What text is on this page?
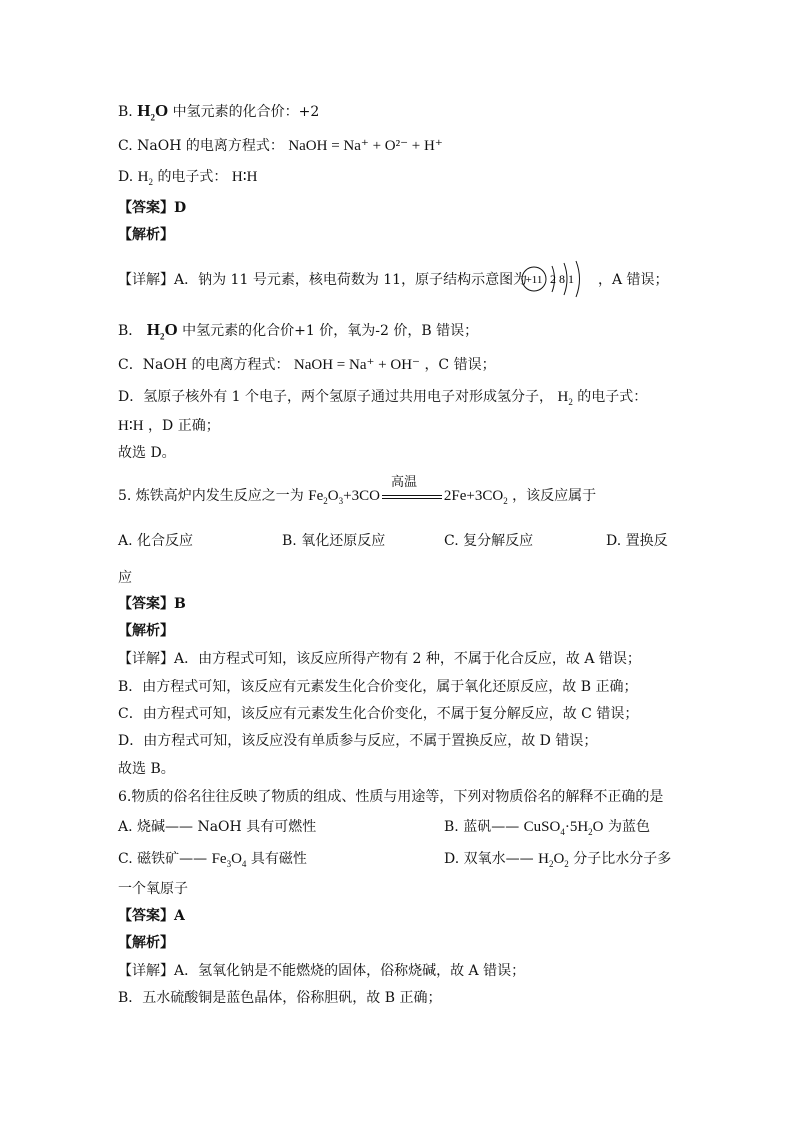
B. $H_2O$ 中氢元素的化合价：+2
C. NaOH 的电离方程式： NaOH = Na⁺ + O²⁻ + H⁺
D. $H_2$ 的电子式： H∶H
【答案】D
【解析】
【详解】A．钠为 11 号元素，核电荷数为 11，原子结构示意图为
+11 2 8 1 ，A 错误；
B． $H_2O$ 中氢元素的化合价+1 价，氧为-2 价，B 错误；
C．NaOH 的电离方程式： NaOH = Na⁺ + OH⁻ ，C 错误；
D．氢原子核外有 1 个电子，两个氢原子通过共用电子对形成氢分子， $H_2$ 的电子式：
H∶H ，D 正确；
故选 D。
高温
5. 炼铁高炉内发生反应之一为 $Fe_2O_3+3CO$	$2Fe+3CO_2$ ，该反应属于
A. 化合反应	B. 氧化还原反应	C. 复分解反应	D. 置换反
应
【答案】B
【解析】
【详解】A．由方程式可知，该反应所得产物有 2 种，不属于化合反应，故 A 错误；
B．由方程式可知，该反应有元素发生化合价变化，属于氧化还原反应，故 B 正确；
C．由方程式可知，该反应有元素发生化合价变化，不属于复分解反应，故 C 错误；
D．由方程式可知，该反应没有单质参与反应，不属于置换反应，故 D 错误；
故选 B。
6.物质的俗名往往反映了物质的组成、性质与用途等，下列对物质俗名的解释不正确的是
A. 烧碱—— NaOH 具有可燃性	B. 蓝矾—— $CuSO_4\cdot 5H_2O$ 为蓝色
C. 磁铁矿—— $Fe_3O_4$ 具有磁性	D. 双氧水—— $H_2O_2$ 分子比水分子多
一个氧原子
【答案】A
【解析】
【详解】A．氢氧化钠是不能燃烧的固体，俗称烧碱，故 A 错误；
B．五水硫酸铜是蓝色晶体，俗称胆矾，故 B 正确；
